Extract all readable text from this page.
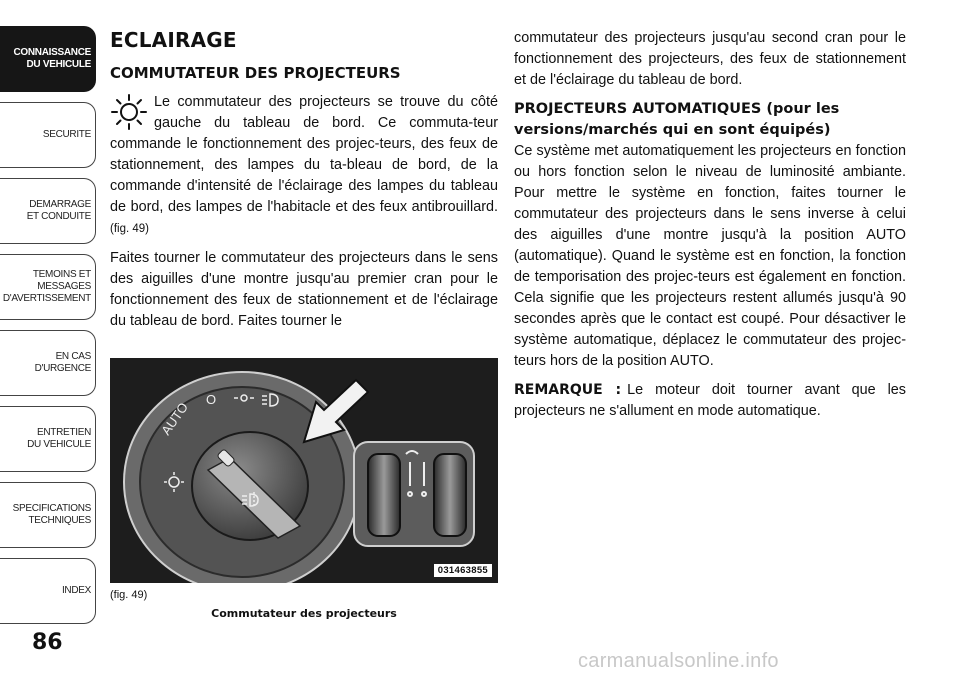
CONNAISSANCE
DU VEHICULE
SECURITE
DEMARRAGE
ET CONDUITE
TEMOINS ET
MESSAGES
D'AVERTISSEMENT
EN CAS
D'URGENCE
ENTRETIEN
DU VEHICULE
SPECIFICATIONS
TECHNIQUES
INDEX
86
ECLAIRAGE
COMMUTATEUR DES PROJECTEURS

Le commutateur des projecteurs se trouve du côté gauche du tableau de bord. Ce commuta-teur commande le fonctionnement des projec-teurs, des feux de stationnement, des lampes du ta-bleau de bord, de la commande d'intensité de l'éclairage des lampes du tableau de bord, des lampes de l'habitacle et des feux antibrouillard. (fig. 49)

Faites tourner le commutateur des projecteurs dans le sens des aiguilles d'une montre jusqu'au premier cran pour le fonctionnement des feux de stationnement et de l'éclairage du tableau de bord. Faites tourner le

AUTO
O
031463855
(fig. 49)
Commutateur des projecteurs

commutateur des projecteurs jusqu'au second cran pour le fonctionnement des projecteurs, des feux de stationnement et de l'éclairage du tableau de bord.

PROJECTEURS AUTOMATIQUES (pour les versions/marchés qui en sont équipés)

Ce système met automatiquement les projecteurs en fonction ou hors fonction selon le niveau de luminosité ambiante. Pour mettre le système en fonction, faites tourner le commutateur des projecteurs dans le sens inverse à celui des aiguilles d'une montre jusqu'à la position AUTO (automatique). Quand le système est en fonction, la fonction de temporisation des projec-teurs est également en fonction. Cela signifie que les projecteurs restent allumés jusqu'à 90 secondes après que le contact est coupé. Pour désactiver le système automatique, déplacez le commutateur des projec-teurs hors de la position AUTO.

REMARQUE : Le moteur doit tourner avant que les projecteurs ne s'allument en mode automatique.

carmanualsonline.info
